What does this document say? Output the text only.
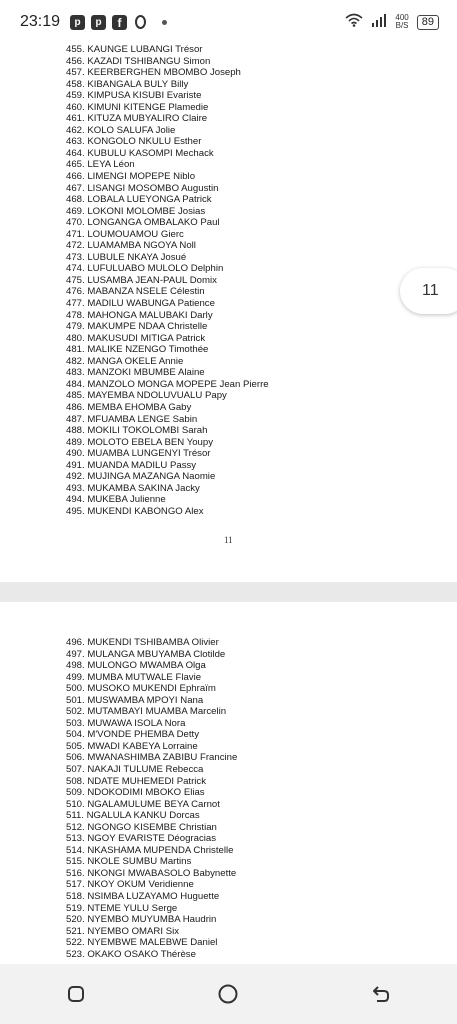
23:19	p	p	f	400
B/S	89
455. KAUNGE LUBANGI Trésor
456. KAZADI TSHIBANGU Simon
457. KEERBERGHEN MBOMBO Joseph
458. KIBANGALA BULY Billy
459. KIMPUSA KISUBI Evariste
460. KIMUNI KITENGE Plamedie
461. KITUZA MUBYALIRO Claire
462. KOLO SALUFA Jolie
463. KONGOLO NKULU Esther
464. KUBULU KASOMPI Mechack
465. LEYA Léon
466. LIMENGI MOPEPE Niblo
467. LISANGI MOSOMBO Augustin
468. LOBALA LUEYONGA Patrick
469. LOKONI MOLOMBE Josias
470. LONGANGA OMBALAKO Paul
471. LOUMOUAMOU Gierc
472. LUAMAMBA NGOYA Noll
473. LUBULE NKAYA Josué
474. LUFULUABO MULOLO Delphin
475. LUSAMBA JEAN-PAUL Domix
476. MABANZA NSELE Célestin
477. MADILU WABUNGA Patience
478. MAHONGA MALUBAKI Darly
479. MAKUMPE NDAA Christelle
480. MAKUSUDI MITIGA Patrick
481. MALIKE NZENGO Timothée
482. MANGA OKELE Annie
483. MANZOKI MBUMBE Alaine
484. MANZOLO MONGA MOPEPE Jean Pierre
485. MAYEMBA NDOLUVUALU Papy
486. MEMBA EHOMBA Gaby
487. MFUAMBA LENGE Sabin
488. MOKILI TOKOLOMBI Sarah
489. MOLOTO EBELA BEN Youpy
490. MUAMBA LUNGENYI Trésor
491. MUANDA MADILU Passy
492. MUJINGA MAZANGA Naomie
493. MUKAMBA SAKINA Jacky
494. MUKEBA Julienne
495. MUKENDI KABONGO Alex
11
11
496. MUKENDI TSHIBAMBA Olivier
497. MULANGA MBUYAMBA Clotilde
498. MULONGO MWAMBA Olga
499. MUMBA MUTWALE Flavie
500. MUSOKO MUKENDI Ephraïm
501. MUSWAMBA MPOYI Nana
502. MUTAMBAYI MUAMBA Marcelin
503. MUWAWA ISOLA Nora
504. M'VONDE PHEMBA Detty
505. MWADI KABEYA Lorraine
506. MWANASHIMBA ZABIBU Francine
507. NAKAJI TULUME Rebecca
508. NDATE MUHEMEDI Patrick
509. NDOKODIMI MBOKO Elias
510. NGALAMULUME BEYA Carnot
511. NGALULA KANKU Dorcas
512. NGONGO KISEMBE Christian
513. NGOY EVARISTE Déogracias
514. NKASHAMA MUPENDA Christelle
515. NKOLE SUMBU Martins
516. NKONGI MWABASOLO Babynette
517. NKOY OKUM Veridienne
518. NSIMBA LUZAYAMO Huguette
519. NTEME YULU Serge
520. NYEMBO MUYUMBA Haudrin
521. NYEMBO OMARI Six
522. NYEMBWE MALEBWE Daniel
523. OKAKO OSAKO Thérèse
